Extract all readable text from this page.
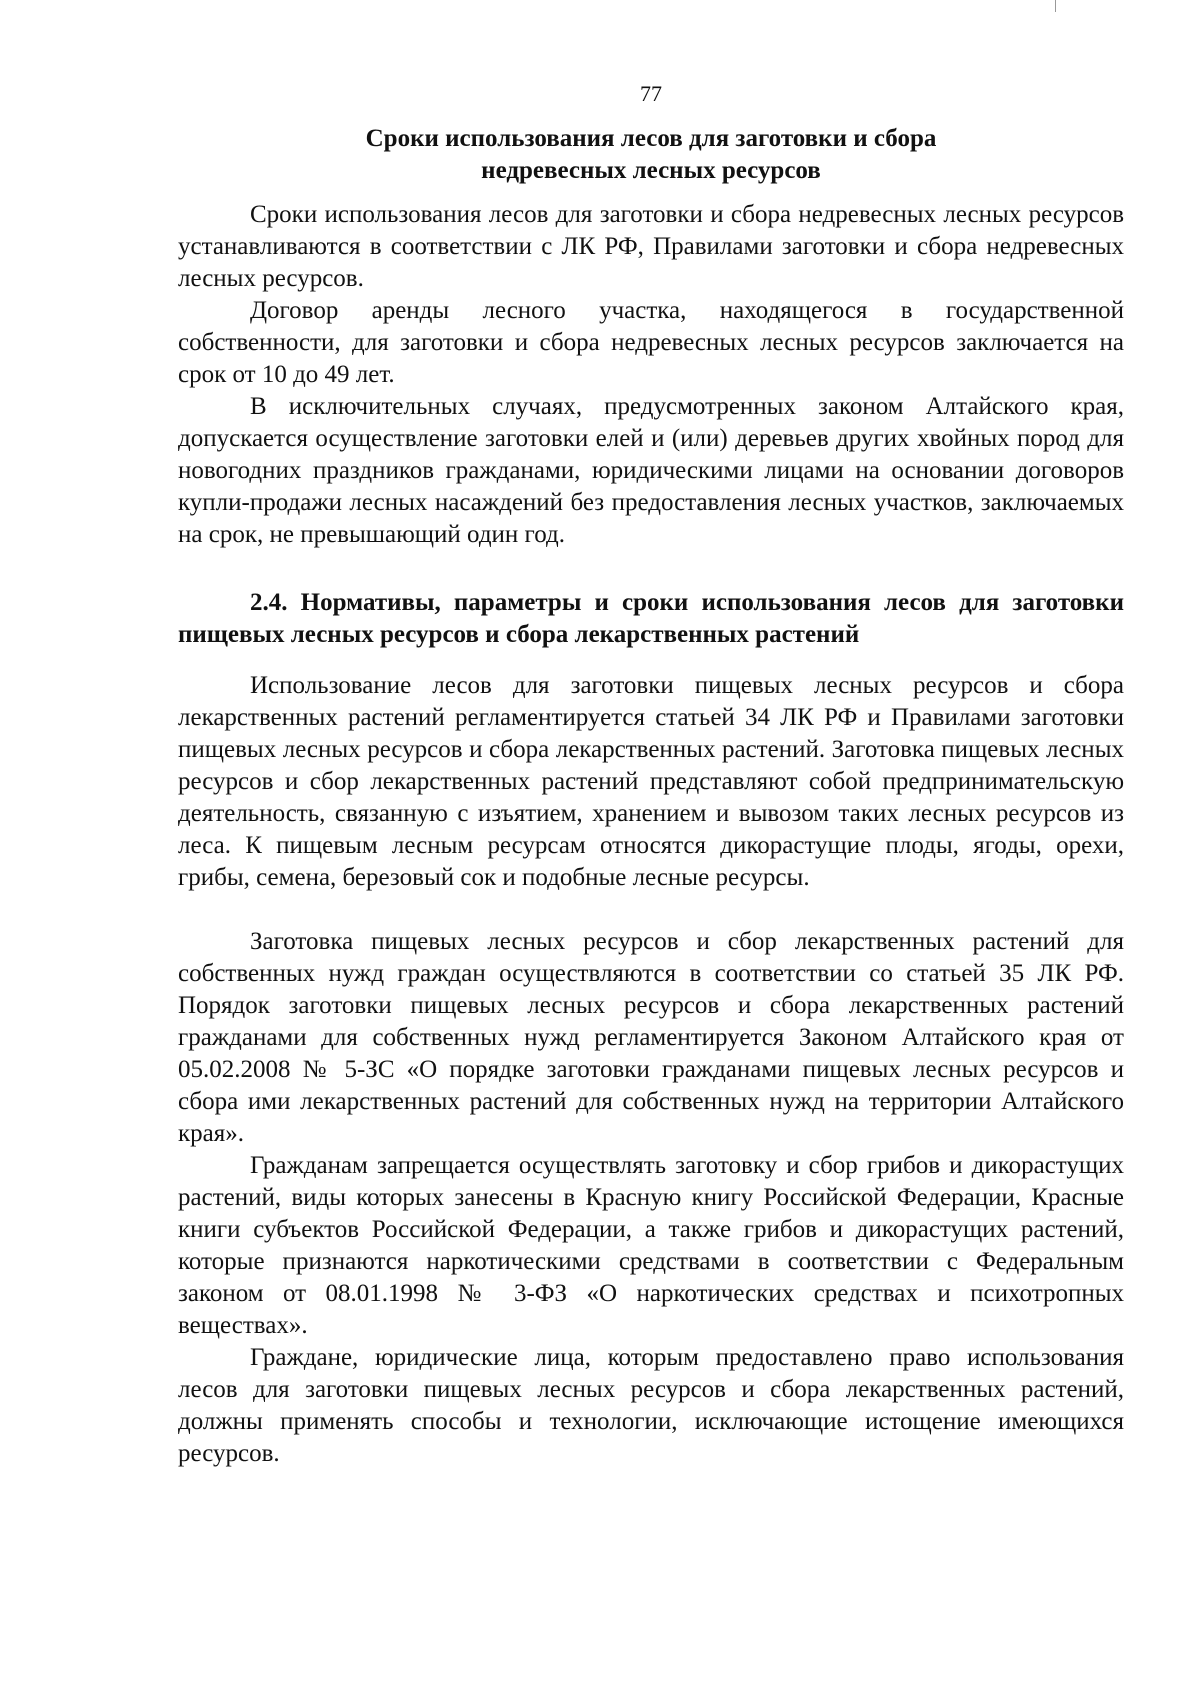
77
Сроки использования лесов для заготовки и сбора
недревесных лесных ресурсов

Сроки использования лесов для заготовки и сбора недревесных лесных ресурсов устанавливаются в соответствии с ЛК РФ, Правилами заготовки и сбора недревесных лесных ресурсов.

Договор аренды лесного участка, находящегося в государственной собственности, для заготовки и сбора недревесных лесных ресурсов заключается на срок от 10 до 49 лет.

В исключительных случаях, предусмотренных законом Алтайского края, допускается осуществление заготовки елей и (или) деревьев других хвойных пород для новогодних праздников гражданами, юридическими лицами на основании договоров купли-продажи лесных насаждений без предоставления лесных участков, заключаемых на срок, не превышающий один год.

2.4. Нормативы, параметры и сроки использования лесов для заготовки пищевых лесных ресурсов и сбора лекарственных растений

Использование лесов для заготовки пищевых лесных ресурсов и сбора лекарственных растений регламентируется статьей 34 ЛК РФ и Правилами заготовки пищевых лесных ресурсов и сбора лекарственных растений. Заготовка пищевых лесных ресурсов и сбор лекарственных растений представляют собой предпринимательскую деятельность, связанную с изъятием, хранением и вывозом таких лесных ресурсов из леса. К пищевым лесным ресурсам относятся дикорастущие плоды, ягоды, орехи, грибы, семена, березовый сок и подобные лесные ресурсы.

Заготовка пищевых лесных ресурсов и сбор лекарственных растений для собственных нужд граждан осуществляются в соответствии со статьей 35 ЛК РФ. Порядок заготовки пищевых лесных ресурсов и сбора лекарственных растений гражданами для собственных нужд регламентируется Законом Алтайского края от 05.02.2008 № 5-ЗС «О порядке заготовки гражданами пищевых лесных ресурсов и сбора ими лекарственных растений для собственных нужд на территории Алтайского края».

Гражданам запрещается осуществлять заготовку и сбор грибов и дикорастущих растений, виды которых занесены в Красную книгу Российской Федерации, Красные книги субъектов Российской Федерации, а также грибов и дикорастущих растений, которые признаются наркотическими средствами в соответствии с Федеральным законом от 08.01.1998 № 3-ФЗ «О наркотических средствах и психотропных веществах».

Граждане, юридические лица, которым предоставлено право использования лесов для заготовки пищевых лесных ресурсов и сбора лекарственных растений, должны применять способы и технологии, исключающие истощение имеющихся ресурсов.
